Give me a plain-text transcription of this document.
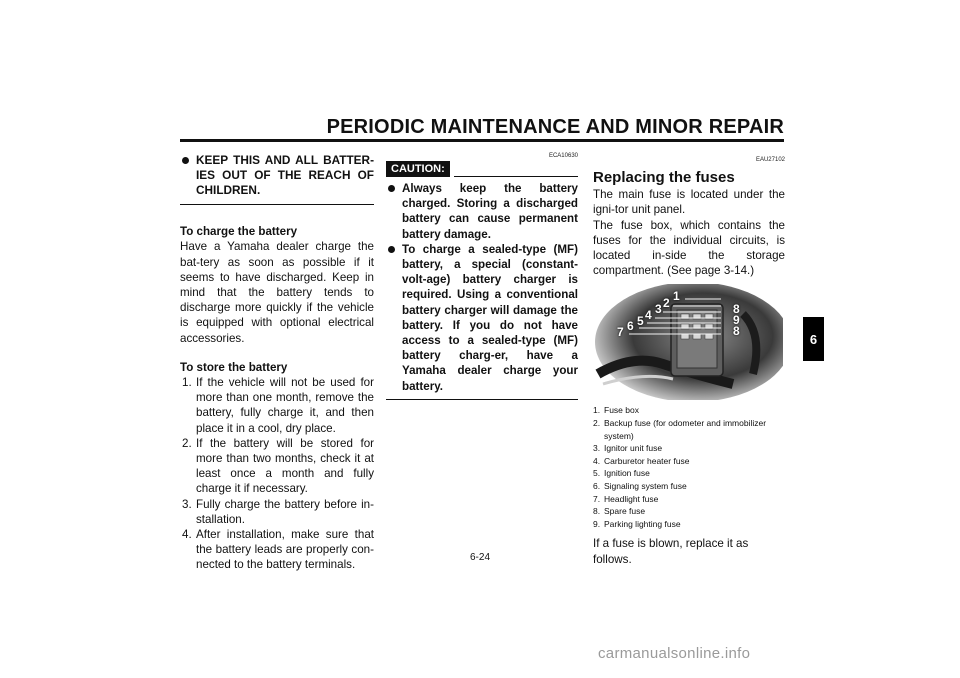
PERIODIC MAINTENANCE AND MINOR REPAIR
6
KEEP THIS AND ALL BATTER-IES OUT OF THE REACH OF CHILDREN.
To charge the battery
Have a Yamaha dealer charge the bat-tery as soon as possible if it seems to have discharged. Keep in mind that the battery tends to discharge more quickly if the vehicle is equipped with optional electrical accessories.
To store the battery
1. If the vehicle will not be used for more than one month, remove the battery, fully charge it, and then place it in a cool, dry place.
2. If the battery will be stored for more than two months, check it at least once a month and fully charge it if necessary.
3. Fully charge the battery before in-stallation.
4. After installation, make sure that the battery leads are properly con-nected to the battery terminals.
ECA10630
CAUTION:
Always keep the battery charged. Storing a discharged battery can cause permanent battery damage.
To charge a sealed-type (MF) battery, a special (constant-volt-age) battery charger is required. Using a conventional battery charger will damage the battery. If you do not have access to a sealed-type (MF) battery charg-er, have a Yamaha dealer charge your battery.
EAU27102
Replacing the fuses
The main fuse is located under the igni-tor unit panel.
The fuse box, which contains the fuses for the individual circuits, is located in-side the storage compartment. (See page 3-14.)
1
2
3
4
5
6
7
8
9
8
1. Fuse box
2. Backup fuse (for odometer and immobilizer system)
3. Ignitor unit fuse
4. Carburetor heater fuse
5. Ignition fuse
6. Signaling system fuse
7. Headlight fuse
8. Spare fuse
9. Parking lighting fuse
If a fuse is blown, replace it as follows.
6-24
carmanualsonline.info
